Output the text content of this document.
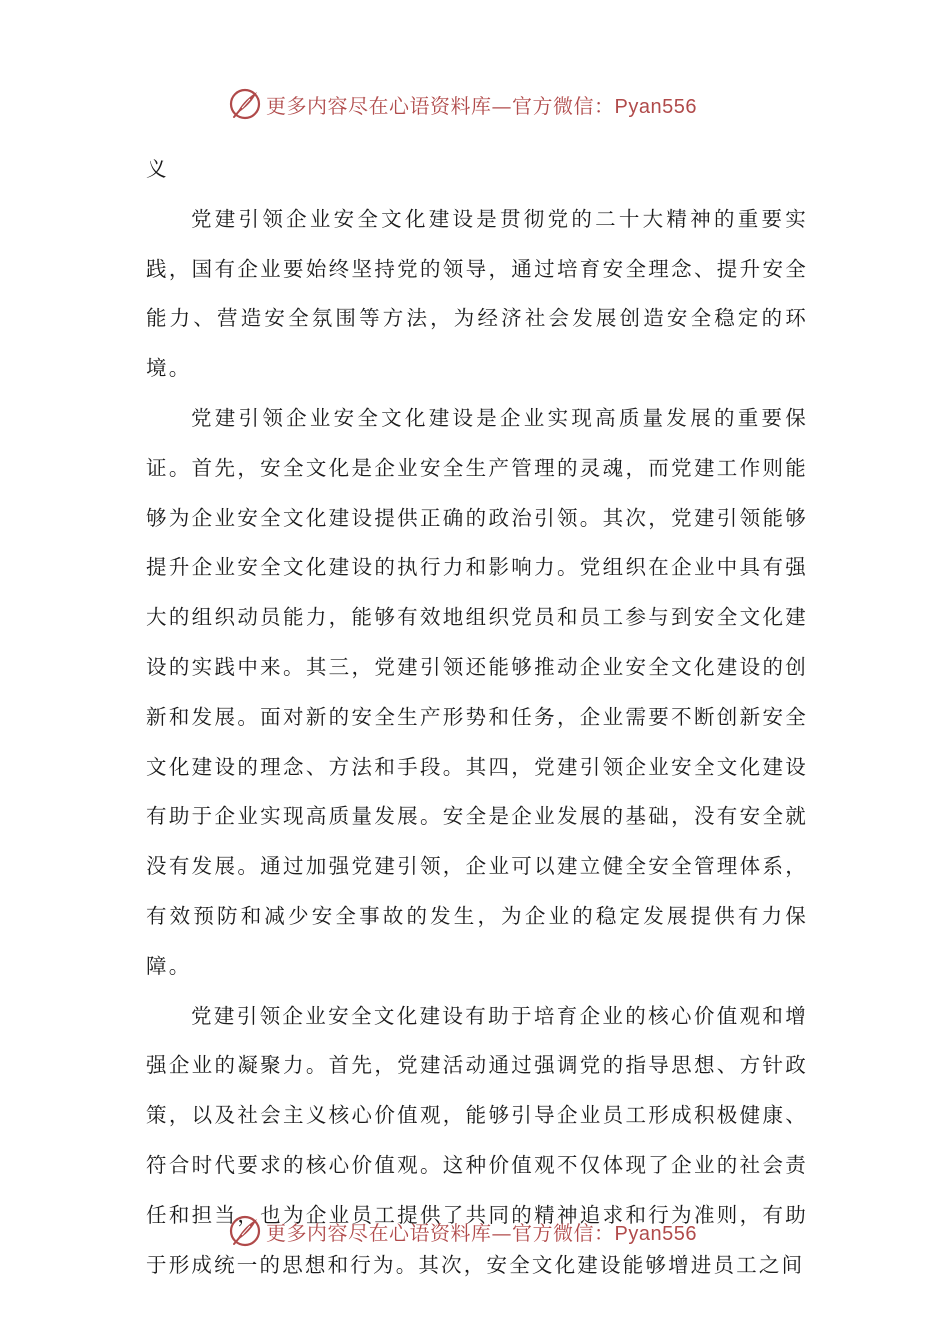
更多内容尽在心语资料库—官方微信：Pyan556

义

党建引领企业安全文化建设是贯彻党的二十大精神的重要实践，国有企业要始终坚持党的领导，通过培育安全理念、提升安全能力、营造安全氛围等方法，为经济社会发展创造安全稳定的环境。

党建引领企业安全文化建设是企业实现高质量发展的重要保证。首先，安全文化是企业安全生产管理的灵魂，而党建工作则能够为企业安全文化建设提供正确的政治引领。其次，党建引领能够提升企业安全文化建设的执行力和影响力。党组织在企业中具有强大的组织动员能力，能够有效地组织党员和员工参与到安全文化建设的实践中来。其三，党建引领还能够推动企业安全文化建设的创新和发展。面对新的安全生产形势和任务，企业需要不断创新安全文化建设的理念、方法和手段。其四，党建引领企业安全文化建设有助于企业实现高质量发展。安全是企业发展的基础，没有安全就没有发展。通过加强党建引领，企业可以建立健全安全管理体系，有效预防和减少安全事故的发生，为企业的稳定发展提供有力保障。

党建引领企业安全文化建设有助于培育企业的核心价值观和增强企业的凝聚力。首先，党建活动通过强调党的指导思想、方针政策，以及社会主义核心价值观，能够引导企业员工形成积极健康、符合时代要求的核心价值观。这种价值观不仅体现了企业的社会责任和担当，也为企业员工提供了共同的精神追求和行为准则，有助于形成统一的思想和行为。其次，安全文化建设能够增进员工之间

更多内容尽在心语资料库—官方微信：Pyan556
